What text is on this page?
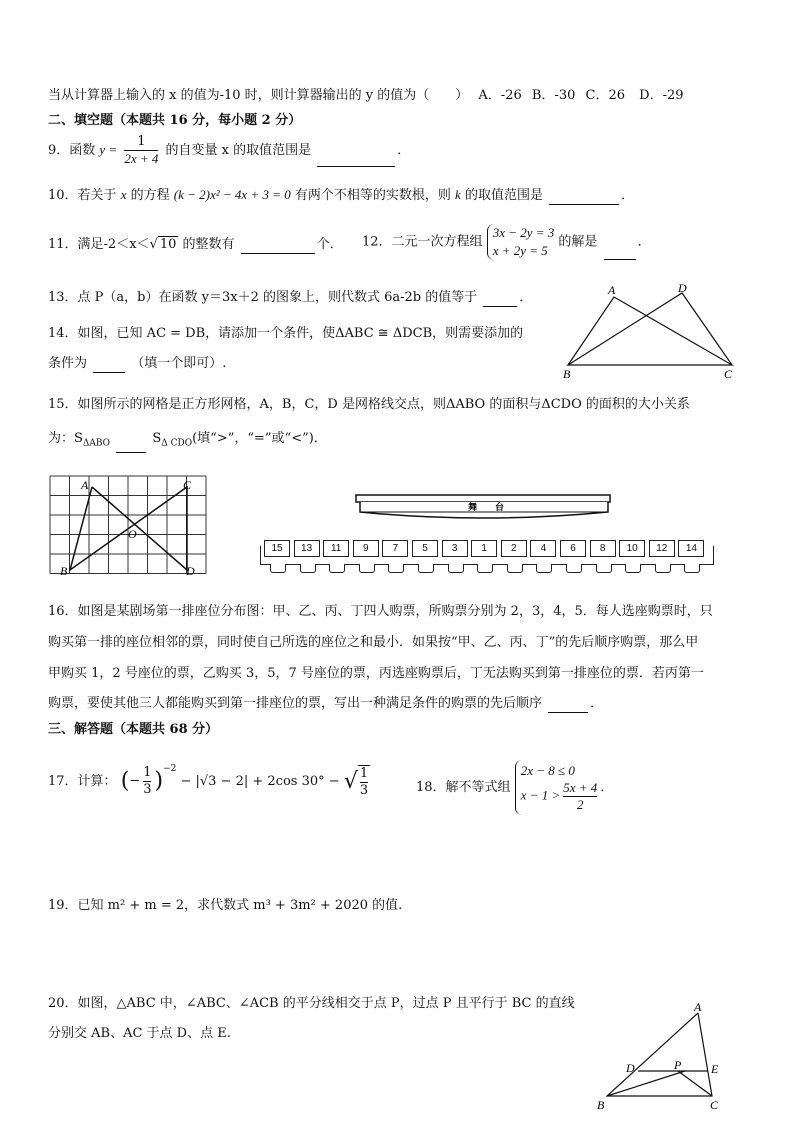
当从计算器上输入的 x 的值为-10 时，则计算器输出的 y 的值为（　　） A．-26 B．-30 C．26 D．-29
二、填空题（本题共 16 分，每小题 2 分）
9．函数 $y = \frac{1}{2x + 4}$ 的自变量 x 的取值范围是	．
10．若关于 x 的方程 (k − 2)x² − 4x + 3 = 0 有两个不相等的实数根，则 k 的取值范围是	．
11．满足-2＜x＜√ 10 的整数有	个． 12．二元一次方程组
3x − 2y = 3
x + 2y = 5
的解是	．
13．点 P（a，b）在函数 y＝3x＋2 的图象上，则代数式 6a-2b 的值等于	．
14．如图，已知 AC = DB，请添加一个条件，使ΔABC ≅ ΔDCB，则需要添加的
条件为	（填一个即可）.
A	D
B	C
15．如图所示的网格是正方形网格，A，B，C，D 是网格线交点，则ΔABO 的面积与ΔCDO 的面积的大小关系
为：$S_{\Delta ABO}$	$S_{\Delta CDO}$(填“>”，“=”或“<”)．
A	C
O
B	D
舞　　台
15	13	11	9	7	5	3	1	2	4	6	8	10	12	14
16．如图是某剧场第一排座位分布图：甲、乙、丙、丁四人购票，所购票分别为 2，3，4，5．每人选座购票时，只
购买第一排的座位相邻的票，同时使自己所选的座位之和最小．如果按“甲、乙、丙、丁”的先后顺序购票，那么甲
甲购买 1，2 号座位的票，乙购买 3，5，7 号座位的票，丙选座购票后，丁无法购买到第一排座位的票．若丙第一
购票，要使其他三人都能购买到第一排座位的票，写出一种满足条件的购票的先后顺序	．
三、解答题（本题共 68 分）
17．计算： (− $\frac{1}{3} )^{-2} - |√3 - 2| + 2\cos$ 30° − √ $\frac{1}{3}$	18．解不等式组
2x − 8 ≤ 0
$x - 1 > \frac{5x + 4}{2}$ ．
19．已知 m² + m = 2，求代数式 m³ + 3m² + 2020 的值.
20．如图，△ABC 中，∠ABC、∠ACB 的平分线相交于点 P，过点 P 且平行于 BC 的直线
分别交 AB、AC 于点 D、点 E.
A
D	P E
B	C
